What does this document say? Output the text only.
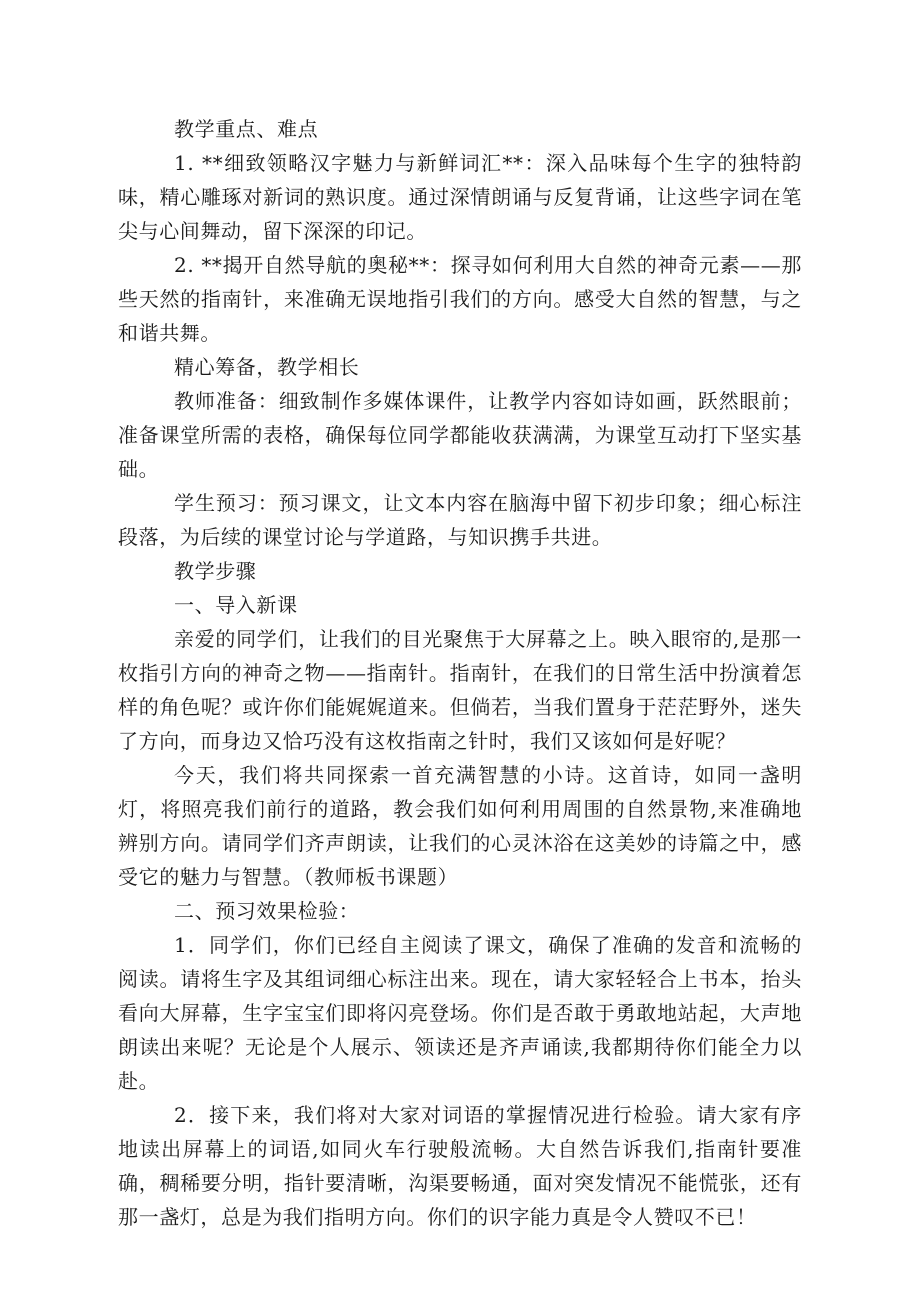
教学重点、难点

1. **细致领略汉字魅力与新鲜词汇**：深入品味每个生字的独特韵味，精心雕琢对新词的熟识度。通过深情朗诵与反复背诵，让这些字词在笔尖与心间舞动，留下深深的印记。

2. **揭开自然导航的奥秘**：探寻如何利用大自然的神奇元素——那些天然的指南针，来准确无误地指引我们的方向。感受大自然的智慧，与之和谐共舞。

精心筹备，教学相长

教师准备：细致制作多媒体课件，让教学内容如诗如画，跃然眼前；准备课堂所需的表格，确保每位同学都能收获满满，为课堂互动打下坚实基础。

学生预习：预习课文，让文本内容在脑海中留下初步印象；细心标注段落，为后续的课堂讨论与学道路，与知识携手共进。

教学步骤

一、导入新课

亲爱的同学们，让我们的目光聚焦于大屏幕之上。映入眼帘的,是那一枚指引方向的神奇之物——指南针。指南针，在我们的日常生活中扮演着怎样的角色呢？或许你们能娓娓道来。但倘若，当我们置身于茫茫野外，迷失了方向，而身边又恰巧没有这枚指南之针时，我们又该如何是好呢？

今天，我们将共同探索一首充满智慧的小诗。这首诗，如同一盏明灯，将照亮我们前行的道路，教会我们如何利用周围的自然景物,来准确地辨别方向。请同学们齐声朗读，让我们的心灵沐浴在这美妙的诗篇之中，感受它的魅力与智慧。（教师板书课题）

二、预习效果检验：

1．同学们，你们已经自主阅读了课文，确保了准确的发音和流畅的阅读。请将生字及其组词细心标注出来。现在，请大家轻轻合上书本，抬头看向大屏幕，生字宝宝们即将闪亮登场。你们是否敢于勇敢地站起，大声地朗读出来呢？无论是个人展示、领读还是齐声诵读,我都期待你们能全力以赴。

2．接下来，我们将对大家对词语的掌握情况进行检验。请大家有序地读出屏幕上的词语,如同火车行驶般流畅。大自然告诉我们,指南针要准确，稠稀要分明，指针要清晰，沟渠要畅通，面对突发情况不能慌张，还有那一盏灯，总是为我们指明方向。你们的识字能力真是令人赞叹不已！
